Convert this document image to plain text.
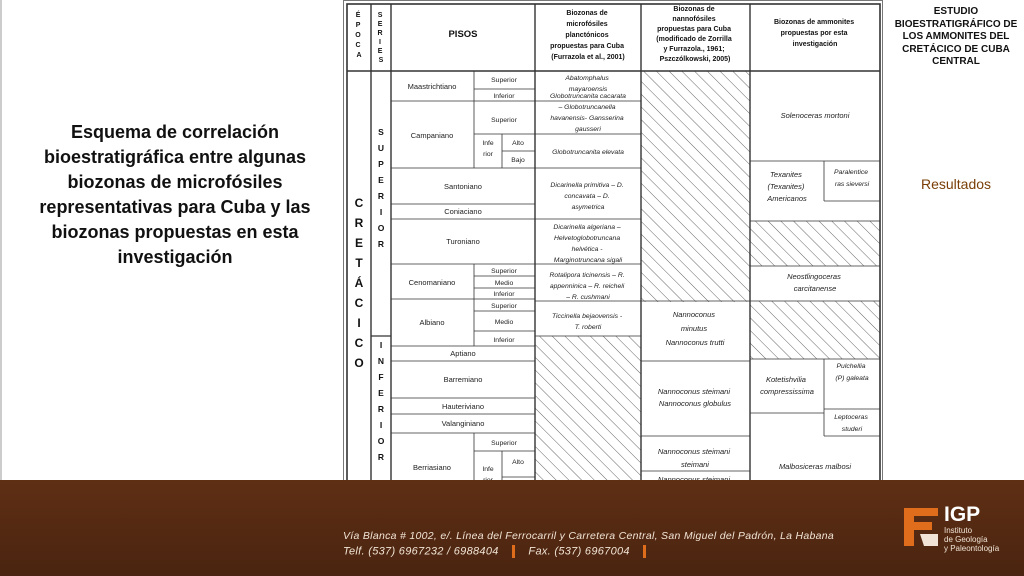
Esquema de correlación bioestratigráfica entre algunas biozonas de microfósiles representativas para Cuba y las biozonas propuestas en esta investigación
É P O C A
S E R I E S
PISOS
Biozonas de microfósiles planctónicos propuestas para Cuba (Furrazola et al., 2001)
Biozonas de nannofósiles propuestas para Cuba (modificado de Zorrilla y Furrazola., 1961; Pszczólkowski, 2005)
Biozonas de ammonites propuestas por esta investigación
C
R
E
T
Á
C
I
C
O
S
U
P
E
R
I
O
R
I
N
F
E
R
I
O
R
Maastrichtiano
Campaniano
Santoniano
Coniaciano
Turoniano
Cenomaniano
Albiano
Aptiano
Barremiano
Hauteriviano
Valanginiano
Berriasiano
Superior
Inferior
Superior
Infe
rior
Alto
Bajo
Superior
Medio
Inferior
Superior
Medio
Inferior
Superior
Infe
Alto
Abatomphalus mayaroensis
Globotruncanita cacarata
– Globotruncanella havanensis- Gansserina gausseri
Globotruncanita elevata
Dicarinella primitiva – D. concavata – D. asymetrica
Dicarinella algeriana – Helvetoglobotruncana helvética - Marginotruncana sigali
Rotalipora ticinensis – R. appenninica – R. reicheli – R. cushmani
Ticcinella bejaovensis - T. roberti
Nannoconus minutus Nannoconus trutti
Nannoconus steimani Nannoconus globulus
Nannoconus steimani steimani
Solenoceras mortoni
Texanites (Texanites) Americanos
Paralentice ras sieversi
Neostlingoceras carcitanense
Kotetishvilia compressissima
Pulchellia (P) galeata
Leptoceras studeri
Malbosiceras malbosi
ESTUDIO BIOESTRATIGRÁFICO DE LOS AMMONITES DEL CRETÁCICO DE CUBA CENTRAL
Resultados
Vía Blanca # 1002, e/. Línea del Ferrocarril y Carretera Central, San Miguel del Padrón, La Habana
Telf. (537) 6967232 / 6988404	Fax. (537) 6967004
IGP
Instituto
de Geología
y Paleontología
